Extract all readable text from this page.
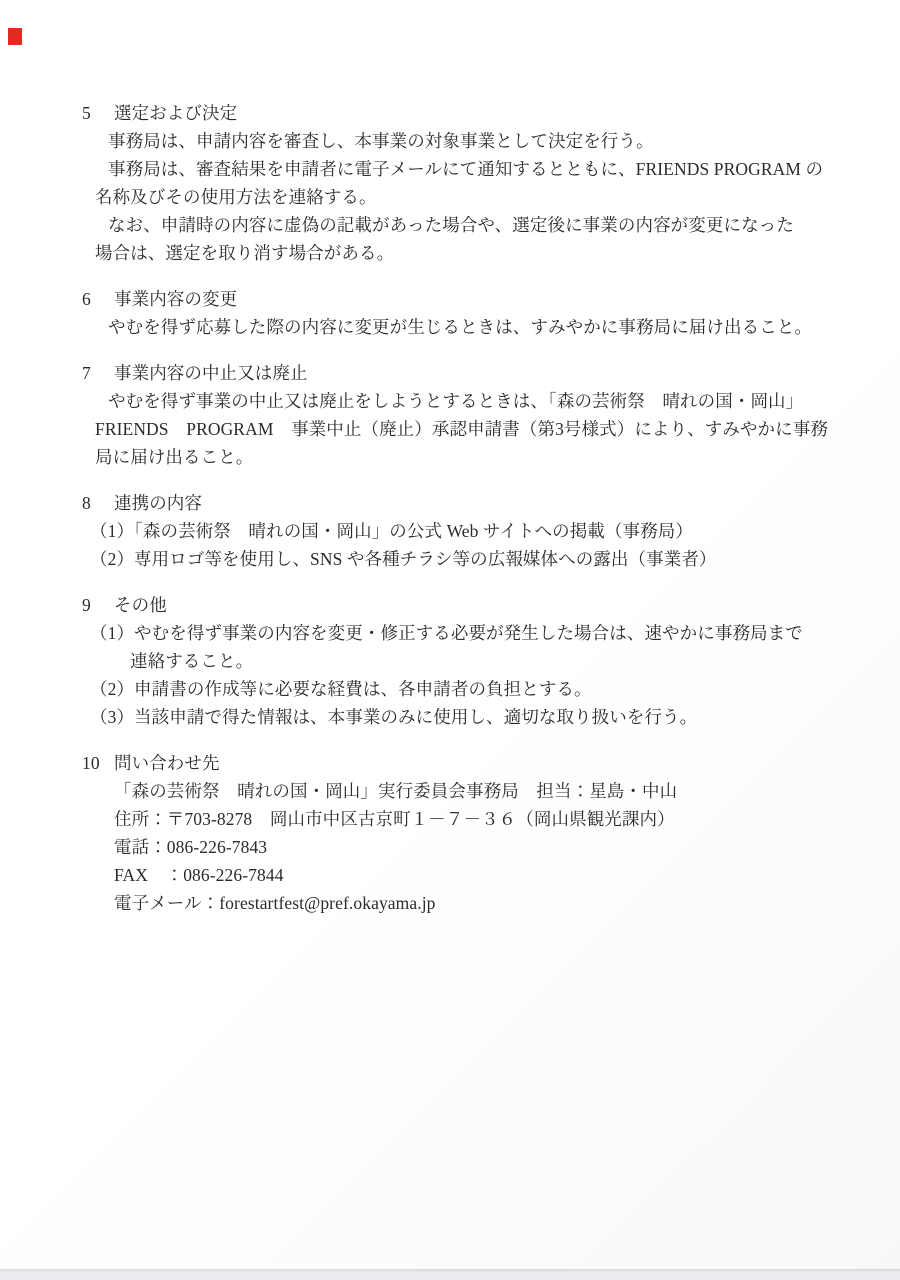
5 選定および決定

事務局は、申請内容を審査し、本事業の対象事業として決定を行う。

事務局は、審査結果を申請者に電子メールにて通知するとともに、FRIENDS PROGRAM の

名称及びその使用方法を連絡する。

なお、申請時の内容に虚偽の記載があった場合や、選定後に事業の内容が変更になった

場合は、選定を取り消す場合がある。

6 事業内容の変更

やむを得ず応募した際の内容に変更が生じるときは、すみやかに事務局に届け出ること。

7 事業内容の中止又は廃止

やむを得ず事業の中止又は廃止をしようとするときは、「森の芸術祭　晴れの国・岡山」

FRIENDS　PROGRAM　事業中止（廃止）承認申請書（第3号様式）により、すみやかに事務

局に届け出ること。

8 連携の内容

（1）「森の芸術祭　晴れの国・岡山」の公式 Web サイトへの掲載（事務局）

（2）専用ロゴ等を使用し、SNS や各種チラシ等の広報媒体への露出（事業者）

9 その他

（1）やむを得ず事業の内容を変更・修正する必要が発生した場合は、速やかに事務局まで

連絡すること。

（2）申請書の作成等に必要な経費は、各申請者の負担とする。

（3）当該申請で得た情報は、本事業のみに使用し、適切な取り扱いを行う。

10 問い合わせ先

「森の芸術祭　晴れの国・岡山」実行委員会事務局　担当：星島・中山

住所：〒703-8278　岡山市中区古京町１－７－３６（岡山県観光課内）

電話：086-226-7843

FAX　：086-226-7844

電子メール：forestartfest@pref.okayama.jp
